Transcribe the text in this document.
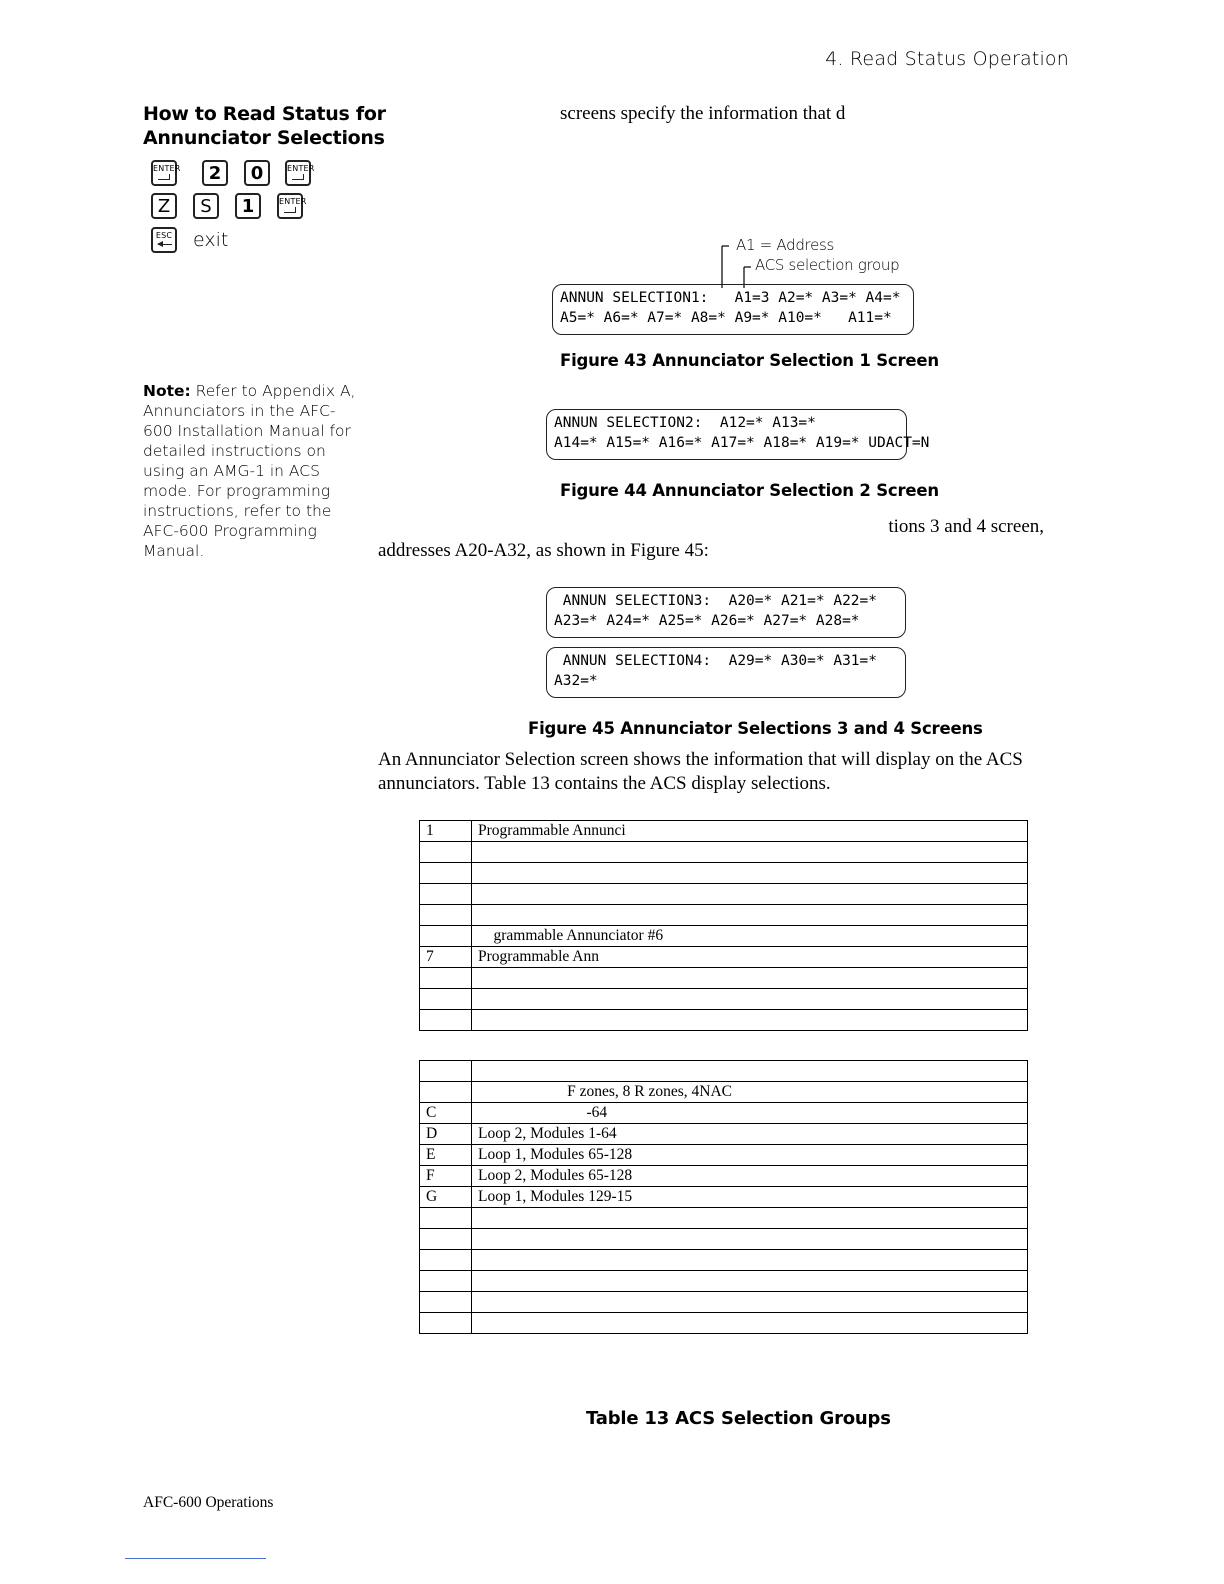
4. Read Status Operation
How to Read Status for
Annunciator Selections
ENTER 2 0	ENTER
Z S 1	ENTER
ESC exit
Note: Refer to Appendix A, Annunciators in the AFC-600 Installation Manual for detailed instructions on using an AMG-1 in ACS mode. For programming instructions, refer to the AFC-600 Programming Manual.
screens specify the information that d
A1 = Address
ACS selection group
ANNUN SELECTION1:   A1=3 A2=* A3=* A4=*
A5=* A6=* A7=* A8=* A9=* A10=*   A11=*
Figure 43 Annunciator Selection 1 Screen
ANNUN SELECTION2:  A12=* A13=*
A14=* A15=* A16=* A17=* A18=* A19=* UDACT=N
Figure 44 Annunciator Selection 2 Screen
tions 3 and 4 screen,
addresses A20-A32, as shown in Figure 45:
ANNUN SELECTION3:  A20=* A21=* A22=*
A23=* A24=* A25=* A26=* A27=* A28=*
ANNUN SELECTION4:  A29=* A30=* A31=*
A32=*
Figure 45 Annunciator Selections 3 and 4 Screens
An Annunciator Selection screen shows the information that will display on the ACS
annunciators. Table 13 contains the ACS display selections.
1	Programmable Annunci

	grammable Annunciator #6
7	Programmable Ann

	F zones, 8 R zones, 4NAC
C	-64
D	Loop 2, Modules 1-64
E	Loop 1, Modules 65-128
F	Loop 2, Modules 65-128
G	Loop 1, Modules 129-15

Table 13 ACS Selection Groups
AFC-600 Operations
